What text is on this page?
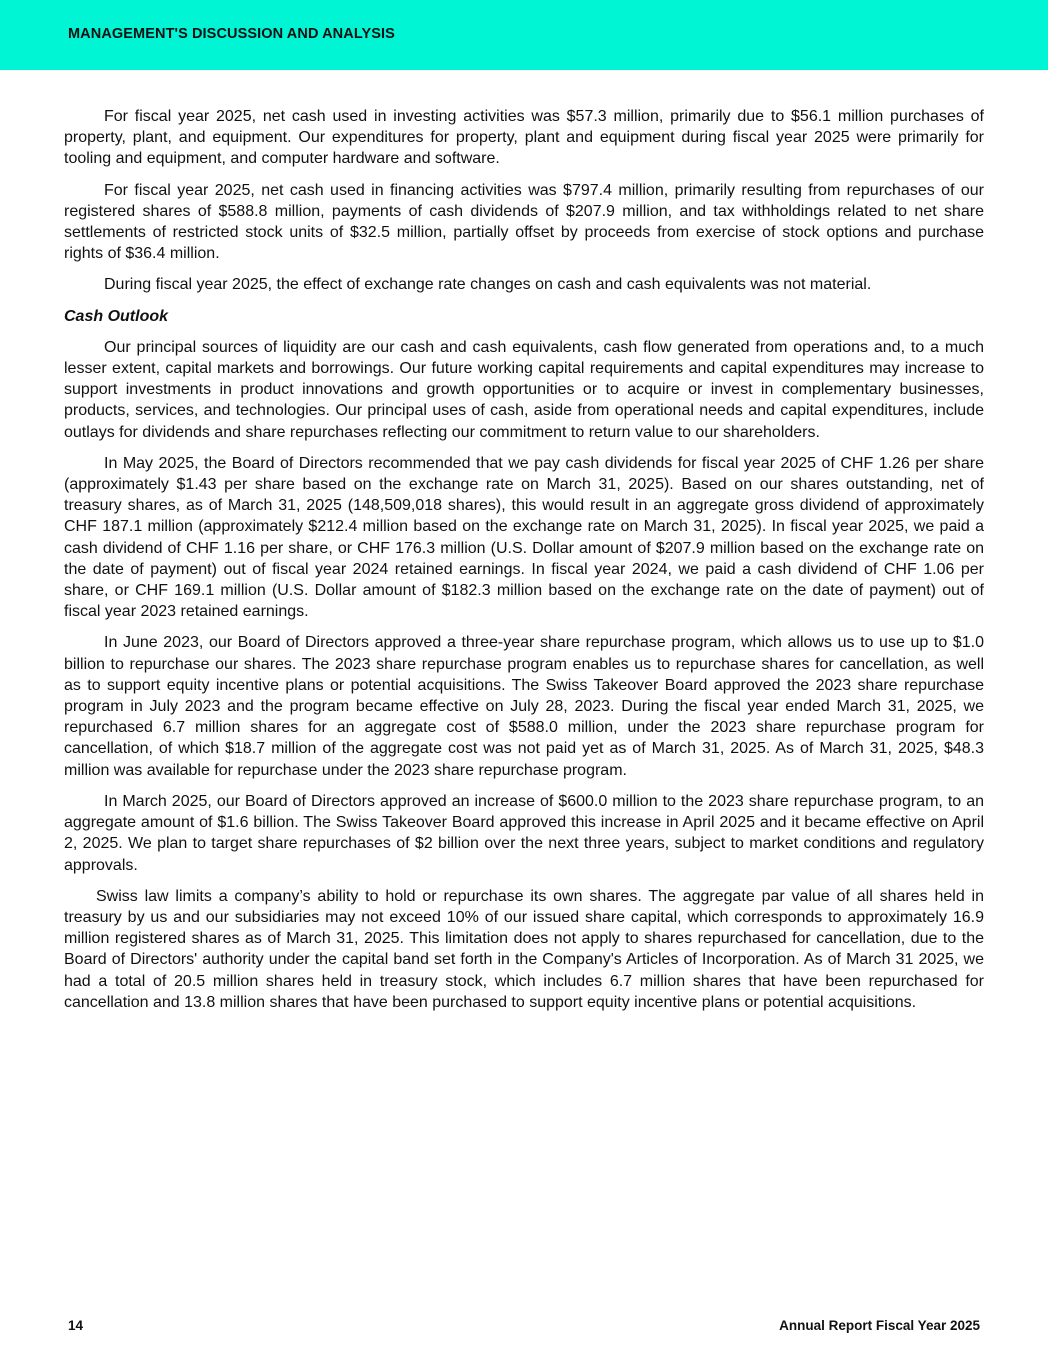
MANAGEMENT'S DISCUSSION AND ANALYSIS

For fiscal year 2025, net cash used in investing activities was $57.3 million, primarily due to $56.1 million purchases of property, plant, and equipment. Our expenditures for property, plant and equipment during fiscal year 2025 were primarily for tooling and equipment, and computer hardware and software.

For fiscal year 2025, net cash used in financing activities was $797.4 million, primarily resulting from repurchases of our registered shares of $588.8 million, payments of cash dividends of $207.9 million, and tax withholdings related to net share settlements of restricted stock units of $32.5 million, partially offset by proceeds from exercise of stock options and purchase rights of $36.4 million.

During fiscal year 2025, the effect of exchange rate changes on cash and cash equivalents was not material.

Cash Outlook

Our principal sources of liquidity are our cash and cash equivalents, cash flow generated from operations and, to a much lesser extent, capital markets and borrowings. Our future working capital requirements and capital expenditures may increase to support investments in product innovations and growth opportunities or to acquire or invest in complementary businesses, products, services, and technologies. Our principal uses of cash, aside from operational needs and capital expenditures, include outlays for dividends and share repurchases reflecting our commitment to return value to our shareholders.

In May 2025, the Board of Directors recommended that we pay cash dividends for fiscal year 2025 of CHF 1.26 per share (approximately $1.43 per share based on the exchange rate on March 31, 2025). Based on our shares outstanding, net of treasury shares, as of March 31, 2025 (148,509,018 shares), this would result in an aggregate gross dividend of approximately CHF 187.1 million (approximately $212.4 million based on the exchange rate on March 31, 2025). In fiscal year 2025, we paid a cash dividend of CHF 1.16 per share, or CHF 176.3 million (U.S. Dollar amount of $207.9 million based on the exchange rate on the date of payment) out of fiscal year 2024 retained earnings. In fiscal year 2024, we paid a cash dividend of CHF 1.06 per share, or CHF 169.1 million (U.S. Dollar amount of $182.3 million based on the exchange rate on the date of payment) out of fiscal year 2023 retained earnings.

In June 2023, our Board of Directors approved a three-year share repurchase program, which allows us to use up to $1.0 billion to repurchase our shares. The 2023 share repurchase program enables us to repurchase shares for cancellation, as well as to support equity incentive plans or potential acquisitions. The Swiss Takeover Board approved the 2023 share repurchase program in July 2023 and the program became effective on July 28, 2023. During the fiscal year ended March 31, 2025, we repurchased 6.7 million shares for an aggregate cost of $588.0 million, under the 2023 share repurchase program for cancellation, of which $18.7 million of the aggregate cost was not paid yet as of March 31, 2025. As of March 31, 2025, $48.3 million was available for repurchase under the 2023 share repurchase program.

In March 2025, our Board of Directors approved an increase of $600.0 million to the 2023 share repurchase program, to an aggregate amount of $1.6 billion. The Swiss Takeover Board approved this increase in April 2025 and it became effective on April 2, 2025. We plan to target share repurchases of $2 billion over the next three years, subject to market conditions and regulatory approvals.

Swiss law limits a company’s ability to hold or repurchase its own shares. The aggregate par value of all shares held in treasury by us and our subsidiaries may not exceed 10% of our issued share capital, which corresponds to approximately 16.9 million registered shares as of March 31, 2025. This limitation does not apply to shares repurchased for cancellation, due to the Board of Directors' authority under the capital band set forth in the Company's Articles of Incorporation. As of March 31 2025, we had a total of 20.5 million shares held in treasury stock, which includes 6.7 million shares that have been repurchased for cancellation and 13.8 million shares that have been purchased to support equity incentive plans or potential acquisitions.

14	Annual Report Fiscal Year 2025
